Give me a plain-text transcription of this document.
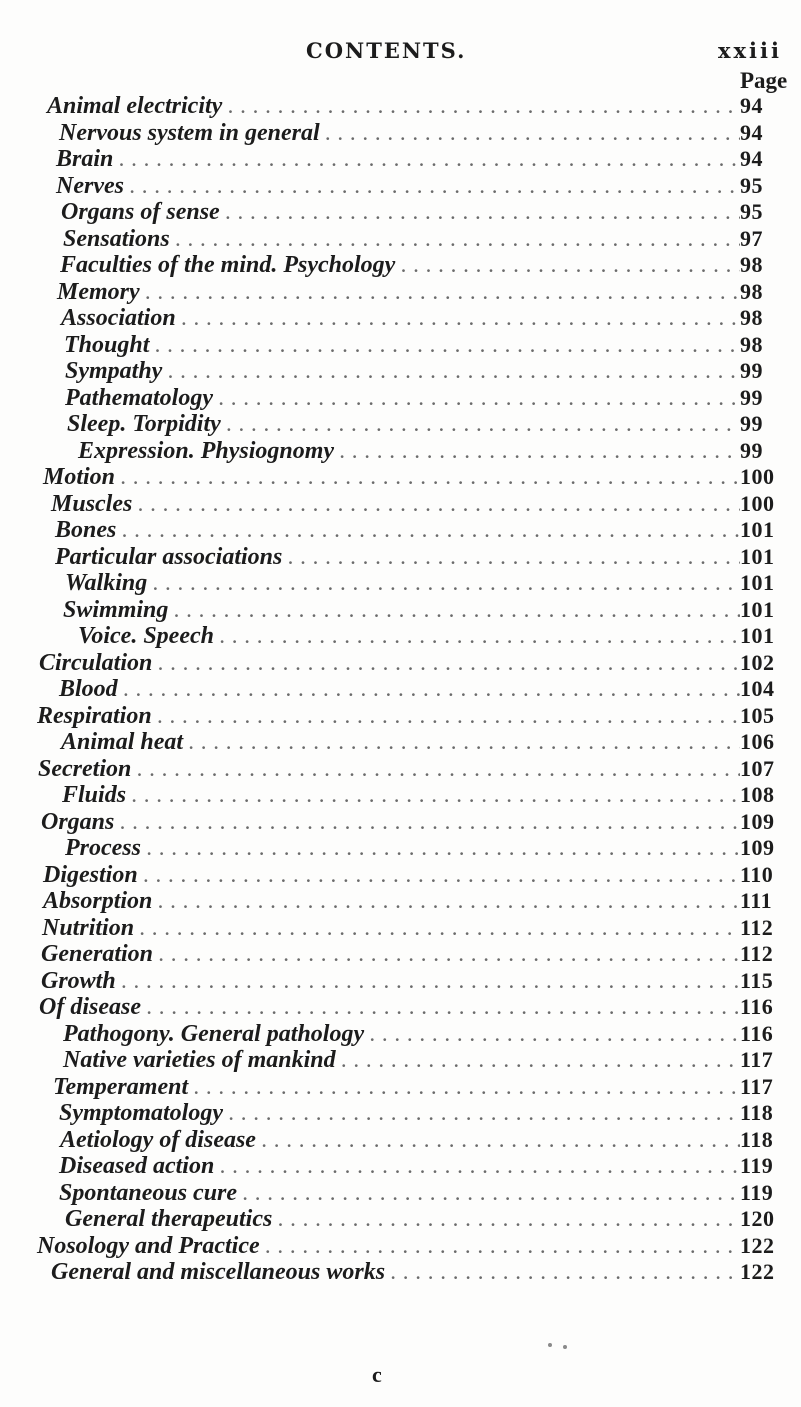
CONTENTS.	xxiii
Page
Animal electricity . . .	94
Nervous system in general . . .	94
Brain . . .	94
Nerves . . .	95
Organs of sense . . .	95
Sensations . . .	97
Faculties of the mind. Psychology . . .	98
Memory . . .	98
Association . . .	98
Thought . . .	98
Sympathy . . .	99
Pathematology . . .	99
Sleep. Torpidity . . .	99
Expression. Physiognomy . . .	99
Motion . . .	100
Muscles . . .	100
Bones . . .	101
Particular associations . . .	101
Walking . . .	101
Swimming . . .	101
Voice. Speech . . .	101
Circulation . . .	102
Blood . . .	104
Respiration . . .	105
Animal heat . . .	106
Secretion . . .	107
Fluids . . .	108
Organs . . .	109
Process . . .	109
Digestion . . .	110
Absorption . . .	111
Nutrition . . .	112
Generation . . .	112
Growth . . .	115
Of disease . . .	116
Pathogony. General pathology . . .	116
Native varieties of mankind . . .	117
Temperament . . .	117
Symptomatology . . .	118
Aetiology of disease . . .	118
Diseased action . . .	119
Spontaneous cure . . .	119
General therapeutics . . .	120
Nosology and Practice . . .	122
General and miscellaneous works . . .	122
c
